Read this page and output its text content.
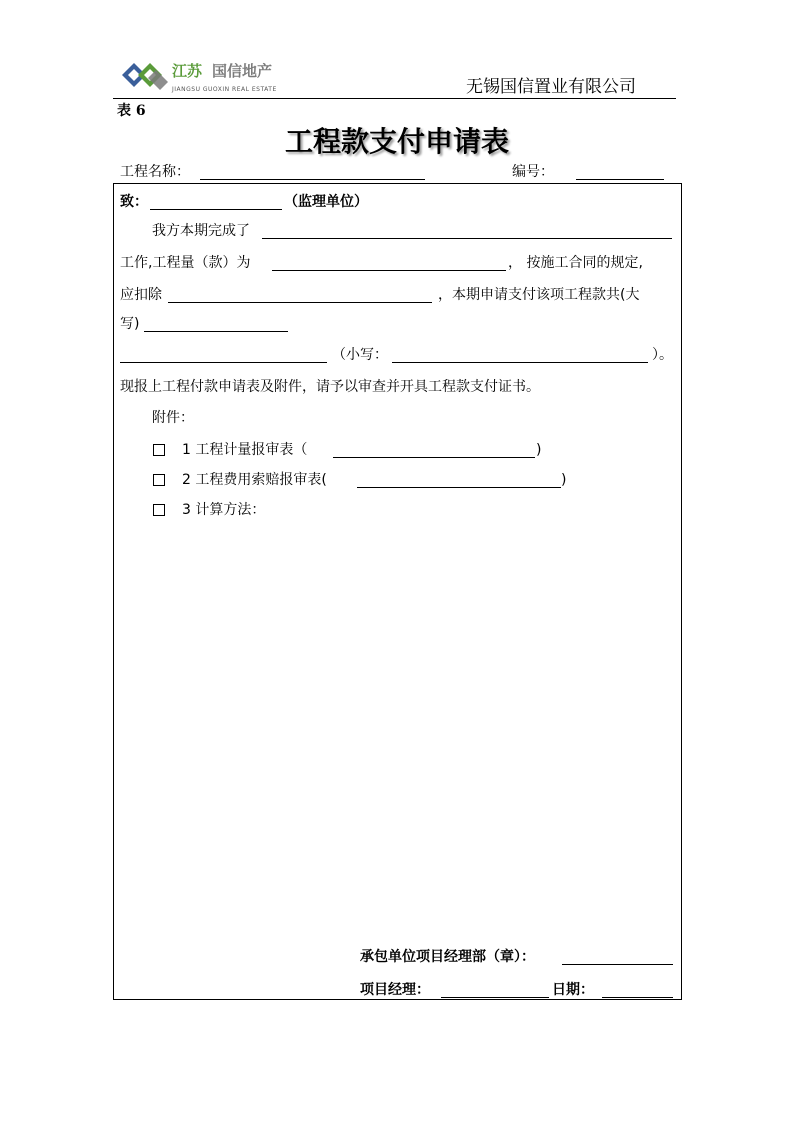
江苏 国信地产
JIANGSU GUOXIN REAL ESTATE	无锡国信置业有限公司
表 6
工程款支付申请表
工程名称：	编号：
致：	（监理单位）
我方本期完成了
工作,工程量（款）为	， 按施工合同的规定,
应扣除	，本期申请支付该项工程款共(大
写)
（小写：	）。
现报上工程付款申请表及附件，请予以审查并开具工程款支付证书。
附件：
1 工程计量报审表（	)
2 工程费用索赔报审表(	)
3 计算方法：
承包单位项目经理部（章）：
项目经理：	日期：
